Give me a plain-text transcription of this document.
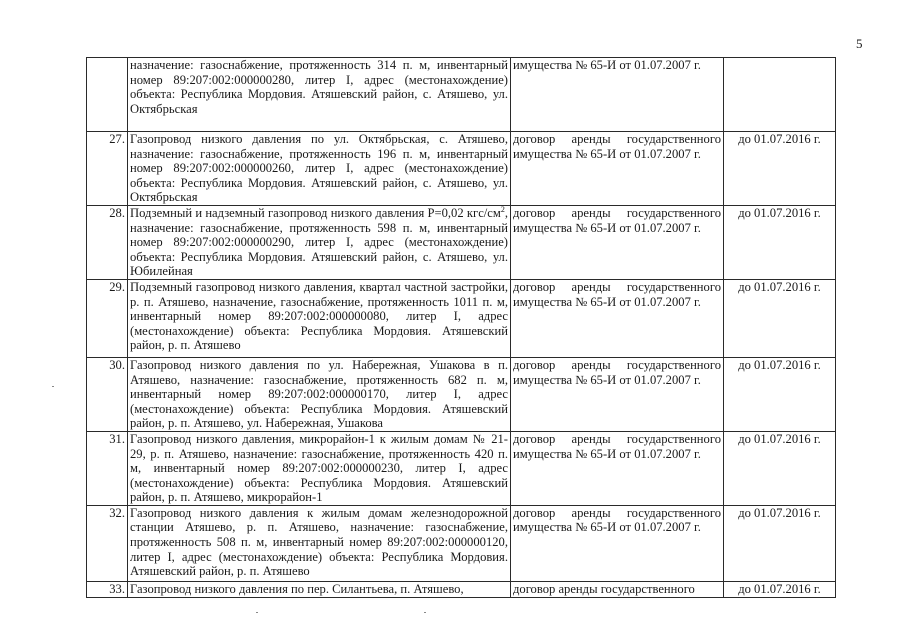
5
	назначение: газоснабжение, протяженность 314 п. м, инвентарный номер 89:207:002:000000280, литер I, адрес (местонахождение) объекта: Республика Мордовия. Атяшевский район, с. Атяшево, ул. Октябрьская	имущества № 65-И от 01.07.2007 г.	
27.	Газопровод низкого давления по ул. Октябрьская, с. Атяшево, назначение: газоснабжение, протяженность 196 п. м, инвентарный номер 89:207:002:000000260, литер I, адрес (местонахождение) объекта: Республика Мордовия. Атяшевский район, с. Атяшево, ул. Октябрьская	договор аренды государственного имущества № 65-И от 01.07.2007 г.	до 01.07.2016 г.
28.	Подземный и надземный газопровод низкого давления Р=0,02 кгс/$см^2$, назначение: газоснабжение, протяженность 598 п. м, инвентарный номер 89:207:002:000000290, литер I, адрес (местонахождение) объекта: Республика Мордовия. Атяшевский район, с. Атяшево, ул. Юбилейная	договор аренды государственного имущества № 65-И от 01.07.2007 г.	до 01.07.2016 г.
29.	Подземный газопровод низкого давления, квартал частной застройки, р. п. Атяшево, назначение, газоснабжение, протяженность 1011 п. м, инвентарный номер 89:207:002:000000080, литер I, адрес (местонахождение) объекта: Республика Мордовия. Атяшевский район, р. п. Атяшево	договор аренды государственного имущества № 65-И от 01.07.2007 г.	до 01.07.2016 г.
30.	Газопровод низкого давления по ул. Набережная, Ушакова в п. Атяшево, назначение: газоснабжение, протяженность 682 п. м, инвентарный номер 89:207:002:000000170, литер I, адрес (местонахождение) объекта: Республика Мордовия. Атяшевский район, р. п. Атяшево, ул. Набережная, Ушакова	договор аренды государственного имущества № 65-И от 01.07.2007 г.	до 01.07.2016 г.
31.	Газопровод низкого давления, микрорайон-1 к жилым домам № 21-29, р. п. Атяшево, назначение: газоснабжение, протяженность 420 п. м, инвентарный номер 89:207:002:000000230, литер I, адрес (местонахождение) объекта: Республика Мордовия. Атяшевский район, р. п. Атяшево, микрорайон-1	договор аренды государственного имущества № 65-И от 01.07.2007 г.	до 01.07.2016 г.
32.	Газопровод низкого давления к жилым домам железнодорожной станции Атяшево, р. п. Атяшево, назначение: газоснабжение, протяженность 508 п. м, инвентарный номер 89:207:002:000000120, литер I, адрес (местонахождение) объекта: Республика Мордовия. Атяшевский район, р. п. Атяшево	договор аренды государственного имущества № 65-И от 01.07.2007 г.	до 01.07.2016 г.
33.	Газопровод низкого давления по пер. Силантьева, п. Атяшево,	договор аренды государственного	до 01.07.2016 г.
